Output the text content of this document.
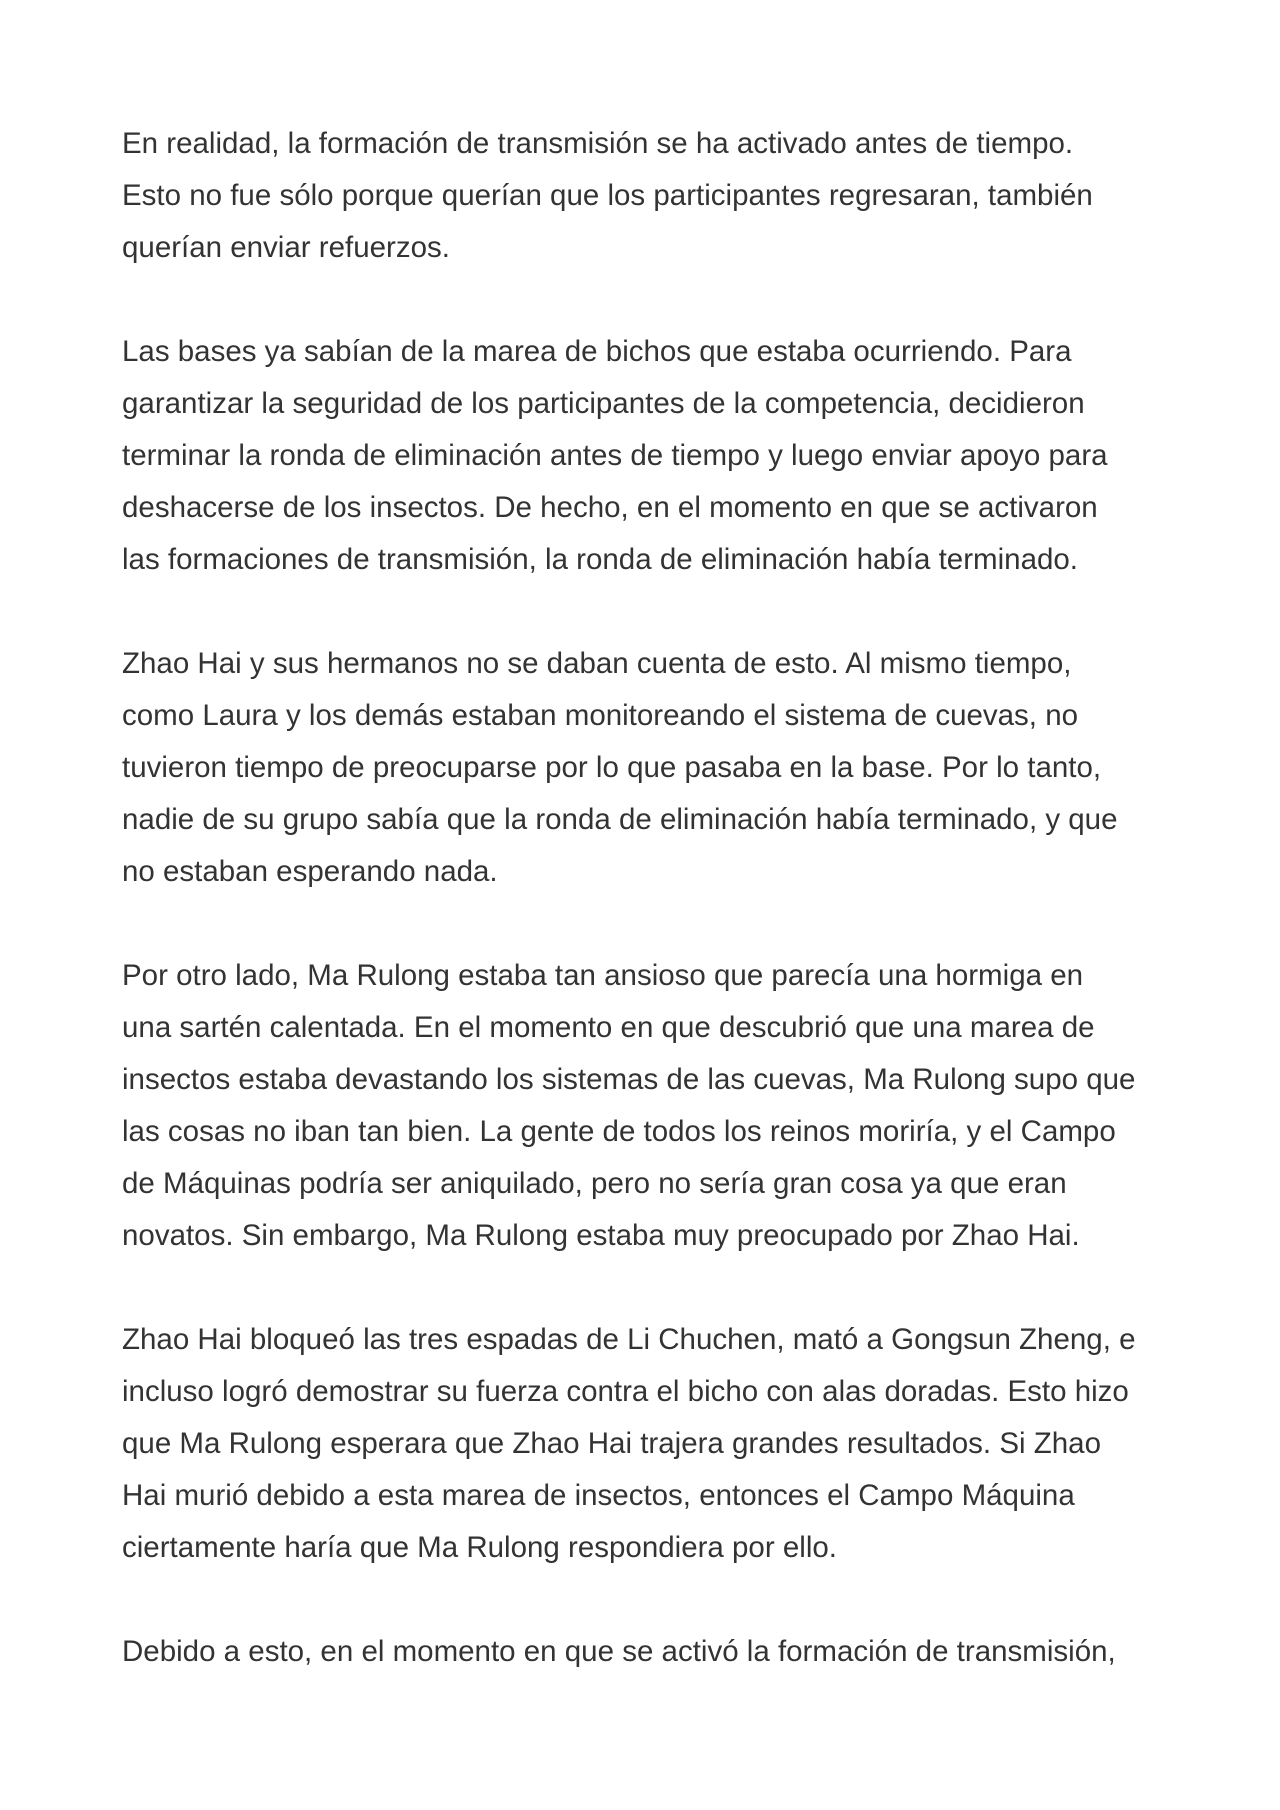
En realidad, la formación de transmisión se ha activado antes de tiempo.
Esto no fue sólo porque querían que los participantes regresaran, también
querían enviar refuerzos.

Las bases ya sabían de la marea de bichos que estaba ocurriendo. Para
garantizar la seguridad de los participantes de la competencia, decidieron
terminar la ronda de eliminación antes de tiempo y luego enviar apoyo para
deshacerse de los insectos. De hecho, en el momento en que se activaron
las formaciones de transmisión, la ronda de eliminación había terminado.

Zhao Hai y sus hermanos no se daban cuenta de esto. Al mismo tiempo,
como Laura y los demás estaban monitoreando el sistema de cuevas, no
tuvieron tiempo de preocuparse por lo que pasaba en la base. Por lo tanto,
nadie de su grupo sabía que la ronda de eliminación había terminado, y que
no estaban esperando nada.

Por otro lado, Ma Rulong estaba tan ansioso que parecía una hormiga en
una sartén calentada. En el momento en que descubrió que una marea de
insectos estaba devastando los sistemas de las cuevas, Ma Rulong supo que
las cosas no iban tan bien. La gente de todos los reinos moriría, y el Campo
de Máquinas podría ser aniquilado, pero no sería gran cosa ya que eran
novatos. Sin embargo, Ma Rulong estaba muy preocupado por Zhao Hai.

Zhao Hai bloqueó las tres espadas de Li Chuchen, mató a Gongsun Zheng, e
incluso logró demostrar su fuerza contra el bicho con alas doradas. Esto hizo
que Ma Rulong esperara que Zhao Hai trajera grandes resultados. Si Zhao
Hai murió debido a esta marea de insectos, entonces el Campo Máquina
ciertamente haría que Ma Rulong respondiera por ello.

Debido a esto, en el momento en que se activó la formación de transmisión,
